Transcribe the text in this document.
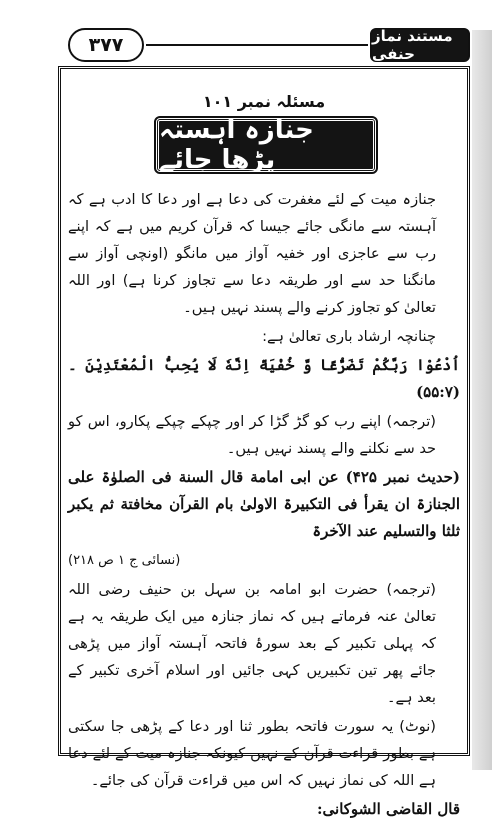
۳۷۷	مستند نماز حنفی
مسئلہ نمبر ۱۰۱
جنازہ آہستہ پڑھا جائے

جنازہ میت کے لئے مغفرت کی دعا ہے اور دعا کا ادب ہے کہ آہستہ سے مانگی جائے جیسا کہ قرآن کریم میں ہے کہ اپنے رب سے عاجزی اور خفیہ آواز میں مانگو (اونچی آواز سے مانگنا حد سے اور طریقہ دعا سے تجاوز کرنا ہے) اور اللہ تعالیٰ کو تجاوز کرنے والے پسند نہیں ہیں۔

چنانچہ ارشاد باری تعالیٰ ہے:

اُدْعُوْا رَبَّكُمْ تَضَرُّعًا وَّ خُفْيَةً اِنَّهٗ لَا يُحِبُّ الْمُعْتَدِيْنَ ۔ (۵۵:۷)

(ترجمہ) اپنے رب کو گڑ گڑا کر اور چپکے چپکے پکارو، اس کو حد سے نکلنے والے پسند نہیں ہیں۔

(حدیث نمبر ۴۲۵) عن ابی امامة قال السنة فی الصلوٰۃ علی الجنازۃ ان یقرأ فی التکبیرۃ الاولیٰ بام القرآن مخافتة ثم یکبر ثلثا والتسلیم عند الآخرۃ

(نسائی ج ۱ ص ۲۱۸)

(ترجمہ) حضرت ابو امامہ بن سہل بن حنیف رضی اللہ تعالیٰ عنہ فرماتے ہیں کہ نماز جنازہ میں ایک طریقہ یہ ہے کہ پہلی تکبیر کے بعد سورۂ فاتحہ آہستہ آواز میں پڑھی جائے پھر تین تکبیریں کہی جائیں اور اسلام آخری تکبیر کے بعد ہے۔

(نوٹ) یہ سورت فاتحہ بطور ثنا اور دعا کے پڑھی جا سکتی ہے بطور قراءت قرآن کے نہیں کیونکہ جنازہ میت کے لئے دعا ہے اللہ کی نماز نہیں کہ اس میں قراءت قرآن کی جائے۔

قال القاضی الشوکانی:
